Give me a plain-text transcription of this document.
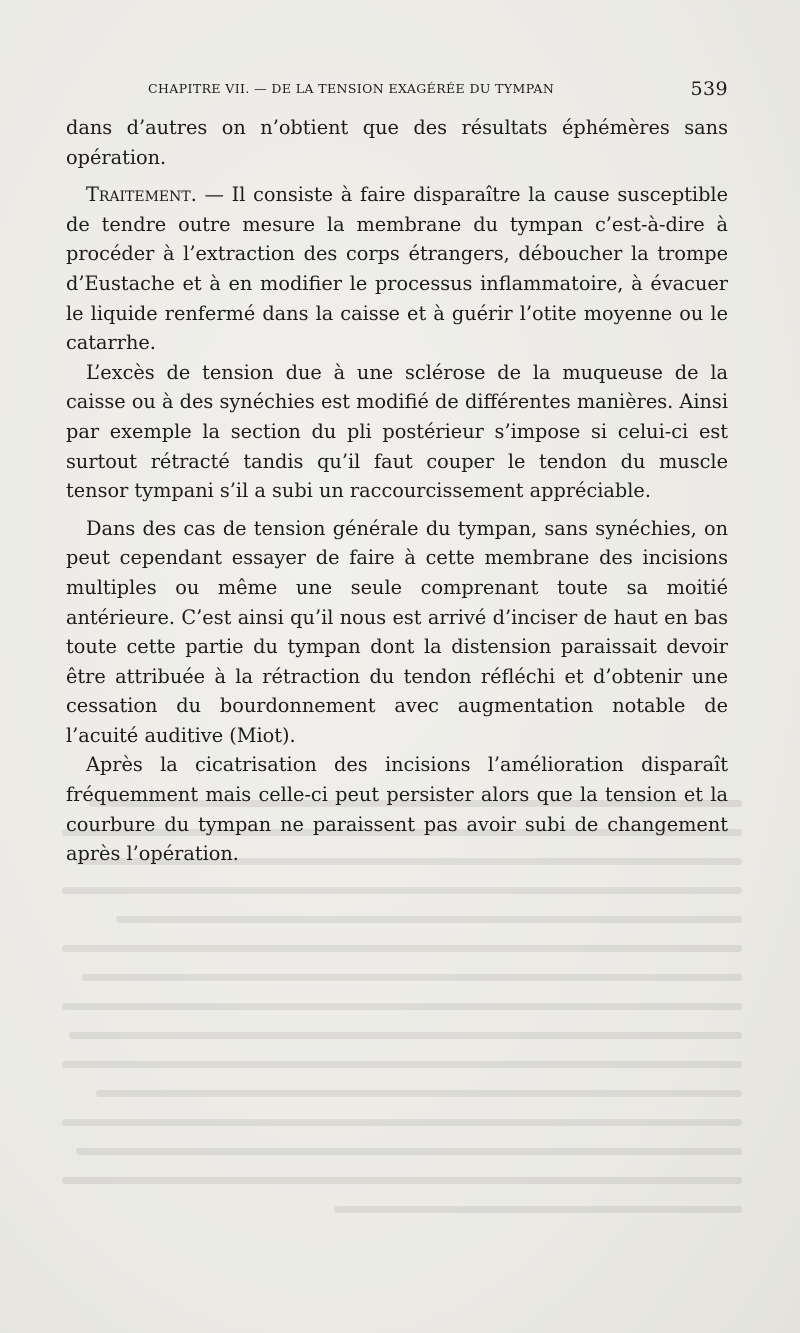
CHAPITRE VII. — DE LA TENSION EXAGÉRÉE DU TYMPAN	539

dans d’autres on n’obtient que des résultats éphémères sans opération.

Traitement. — Il consiste à faire disparaître la cause susceptible de tendre outre mesure la membrane du tympan c’est-à-dire à procéder à l’extraction des corps étrangers, déboucher la trompe d’Eustache et à en modifier le processus inflammatoire, à évacuer le liquide renfermé dans la caisse et à guérir l’otite moyenne ou le catarrhe.

L’excès de tension due à une sclérose de la muqueuse de la caisse ou à des synéchies est modifié de différentes manières. Ainsi par exemple la section du pli postérieur s’impose si celui-ci est surtout rétracté tandis qu’il faut couper le tendon du muscle tensor tympani s’il a subi un raccourcissement appréciable.

Dans des cas de tension générale du tympan, sans synéchies, on peut cependant essayer de faire à cette membrane des incisions multiples ou même une seule comprenant toute sa moitié antérieure. C’est ainsi qu’il nous est arrivé d’inciser de haut en bas toute cette partie du tympan dont la distension paraissait devoir être attribuée à la rétraction du tendon réfléchi et d’obtenir une cessation du bourdonnement avec augmentation notable de l’acuité auditive (Miot).

Après la cicatrisation des incisions l’amélioration disparaît fréquemment mais celle-ci peut persister alors que la tension et la courbure du tympan ne paraissent pas avoir subi de changement après l’opération.
